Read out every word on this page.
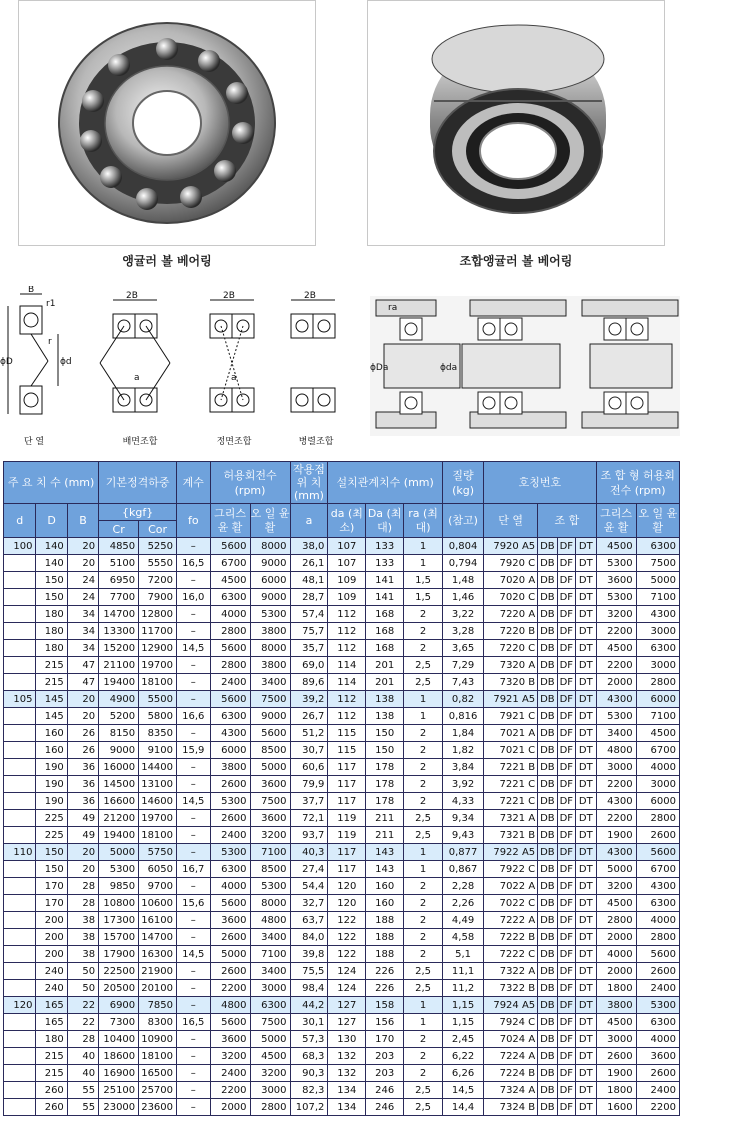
앵귤러 볼 베어링	조합앵귤러 볼 베어링
B
r1
r
ϕD	ϕd
2B	2B	2B
a	a
단 열	배면조합	정면조합	병렬조합
ra
ϕDa	ϕda
주 요 치 수 (mm)			기본정격하중		계수	허용회전수 (rpm)		작용점 위 치 (mm)	설치관계치수 (mm)			질량 (kg)	호칭번호				조 합 형 허용회전수 (rpm)	
d	D	B	{kgf}		fo	그리스 윤 활	오 일 윤 활	a	da (최소)	Da (최대)	ra (최대)	(참고)	단 열	조 합			그리스 윤 활	오 일 윤 활
			Cr	Cor														
100	140	20	4850	5250	–	5600	8000	38,0	107	133	1	0,804	7920 A5	DB	DF	DT	4500	6300
	140	20	5100	5550	16,5	6700	9000	26,1	107	133	1	0,794	7920 C	DB	DF	DT	5300	7500
	150	24	6950	7200	–	4500	6000	48,1	109	141	1,5	1,48	7020 A	DB	DF	DT	3600	5000
	150	24	7700	7900	16,0	6300	9000	28,7	109	141	1,5	1,46	7020 C	DB	DF	DT	5300	7100
	180	34	14700	12800	–	4000	5300	57,4	112	168	2	3,22	7220 A	DB	DF	DT	3200	4300
	180	34	13300	11700	–	2800	3800	75,7	112	168	2	3,28	7220 B	DB	DF	DT	2200	3000
	180	34	15200	12900	14,5	5600	8000	35,7	112	168	2	3,65	7220 C	DB	DF	DT	4500	6300
	215	47	21100	19700	–	2800	3800	69,0	114	201	2,5	7,29	7320 A	DB	DF	DT	2200	3000
	215	47	19400	18100	–	2400	3400	89,6	114	201	2,5	7,43	7320 B	DB	DF	DT	2000	2800
105	145	20	4900	5500	–	5600	7500	39,2	112	138	1	0,82	7921 A5	DB	DF	DT	4300	6000
	145	20	5200	5800	16,6	6300	9000	26,7	112	138	1	0,816	7921 C	DB	DF	DT	5300	7100
	160	26	8150	8350	–	4300	5600	51,2	115	150	2	1,84	7021 A	DB	DF	DT	3400	4500
	160	26	9000	9100	15,9	6000	8500	30,7	115	150	2	1,82	7021 C	DB	DF	DT	4800	6700
	190	36	16000	14400	–	3800	5000	60,6	117	178	2	3,84	7221 B	DB	DF	DT	3000	4000
	190	36	14500	13100	–	2600	3600	79,9	117	178	2	3,92	7221 C	DB	DF	DT	2200	3000
	190	36	16600	14600	14,5	5300	7500	37,7	117	178	2	4,33	7221 C	DB	DF	DT	4300	6000
	225	49	21200	19700	–	2600	3600	72,1	119	211	2,5	9,34	7321 A	DB	DF	DT	2200	2800
	225	49	19400	18100	–	2400	3200	93,7	119	211	2,5	9,43	7321 B	DB	DF	DT	1900	2600
110	150	20	5000	5750	–	5300	7100	40,3	117	143	1	0,877	7922 A5	DB	DF	DT	4300	5600
	150	20	5300	6050	16,7	6300	8500	27,4	117	143	1	0,867	7922 C	DB	DF	DT	5000	6700
	170	28	9850	9700	–	4000	5300	54,4	120	160	2	2,28	7022 A	DB	DF	DT	3200	4300
	170	28	10800	10600	15,6	5600	8000	32,7	120	160	2	2,26	7022 C	DB	DF	DT	4500	6300
	200	38	17300	16100	–	3600	4800	63,7	122	188	2	4,49	7222 A	DB	DF	DT	2800	4000
	200	38	15700	14700	–	2600	3400	84,0	122	188	2	4,58	7222 B	DB	DF	DT	2000	2800
	200	38	17900	16300	14,5	5000	7100	39,8	122	188	2	5,1	7222 C	DB	DF	DT	4000	5600
	240	50	22500	21900	–	2600	3400	75,5	124	226	2,5	11,1	7322 A	DB	DF	DT	2000	2600
	240	50	20500	20100	–	2200	3000	98,4	124	226	2,5	11,2	7322 B	DB	DF	DT	1800	2400
120	165	22	6900	7850	–	4800	6300	44,2	127	158	1	1,15	7924 A5	DB	DF	DT	3800	5300
	165	22	7300	8300	16,5	5600	7500	30,1	127	156	1	1,15	7924 C	DB	DF	DT	4500	6300
	180	28	10400	10900	–	3600	5000	57,3	130	170	2	2,45	7024 A	DB	DF	DT	3000	4000
	215	40	18600	18100	–	3200	4500	68,3	132	203	2	6,22	7224 A	DB	DF	DT	2600	3600
	215	40	16900	16500	–	2400	3200	90,3	132	203	2	6,26	7224 B	DB	DF	DT	1900	2600
	260	55	25100	25700	–	2200	3000	82,3	134	246	2,5	14,5	7324 A	DB	DF	DT	1800	2400
	260	55	23000	23600	–	2000	2800	107,2	134	246	2,5	14,4	7324 B	DB	DF	DT	1600	2200
